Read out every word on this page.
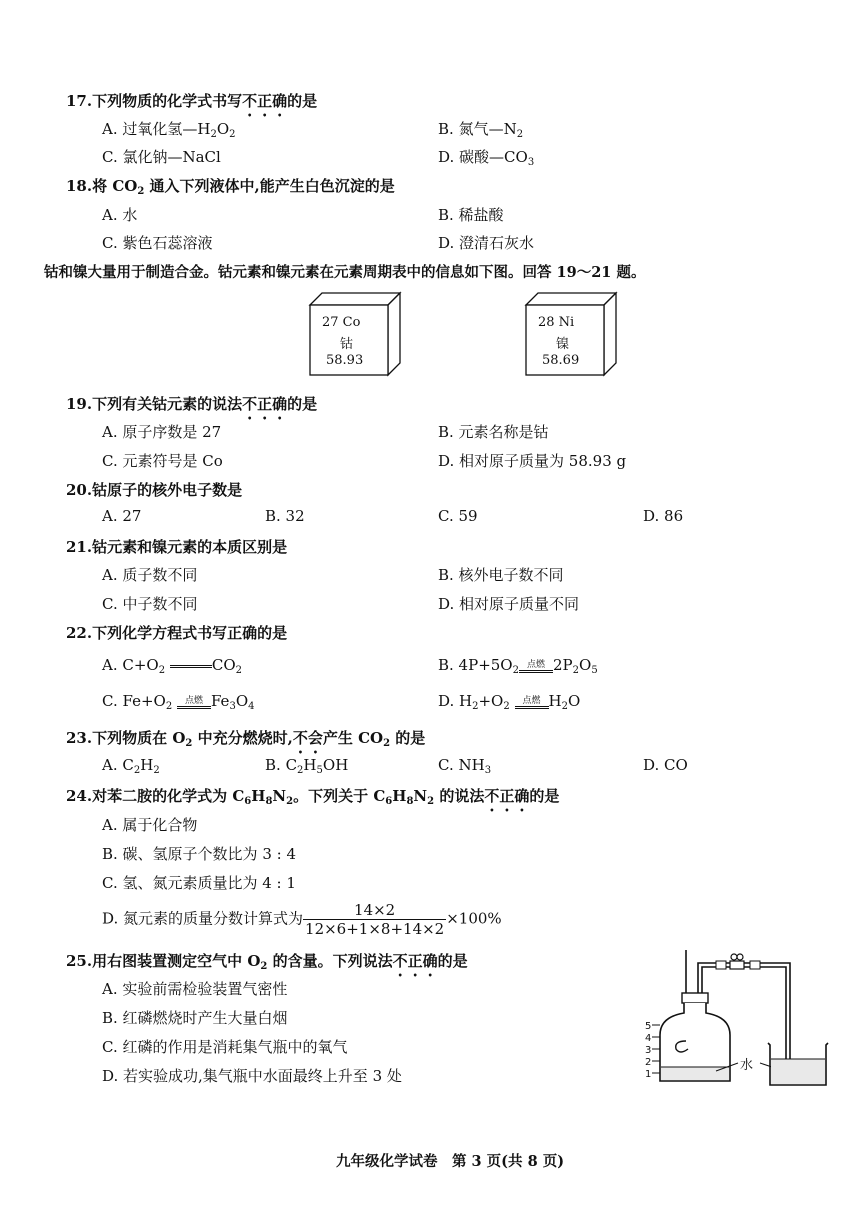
17.下列物质的化学式书写不正确的是
A. 过氧化氢$—H_2O_2$	B. 氮气$—N_2$
C. 氯化钠—NaCl	D. 碳酸$—CO_3$
18.将 $CO_2$ 通入下列液体中,能产生白色沉淀的是
A. 水	B. 稀盐酸
C. 紫色石蕊溶液	D. 澄清石灰水
钴和镍大量用于制造合金。钴元素和镍元素在元素周期表中的信息如下图。回答 19～21 题。
27 Co
钴
58.93
28 Ni
镍
58.69
19.下列有关钴元素的说法不正确的是
A. 原子序数是 27	B. 元素名称是钴
C. 元素符号是 Co	D. 相对原子质量为 58.93 g
20.钴原子的核外电子数是
A. 27	B. 32	C. 59	D. 86
21.钴元素和镍元素的本质区别是
A. 质子数不同	B. 核外电子数不同
C. 中子数不同	D. 相对原子质量不同
22.下列化学方程式书写正确的是
A. $C+O_2$	$CO_2$	B. $4P+5O_2$
点燃 $2P_2O_5$
C. $Fe+O_2$
点燃 $Fe_3O_4$	D. $H_2+O_2$
点燃 $H_2O$
23.下列物质在 $O_2$ 中充分燃烧时,不会产生 $CO_2$ 的是
A. $C_2H_2$	B. $C_2H_5OH$	C. $NH_3$	D. CO
24.对苯二胺的化学式为 $C_6H_8N_2$。下列关于 $C_6H_8N_2$ 的说法不正确的是
A. 属于化合物
B. 碳、氢原子个数比为 3 : 4
C. 氢、氮元素质量比为 4 : 1
D. 氮元素的质量分数计算式为 $\frac{14\times 2}{12\times 6+1\times 8+14\times 2} \times 100\%$
25.用右图装置测定空气中 $O_2$ 的含量。下列说法不正确的是
A. 实验前需检验装置气密性
B. 红磷燃烧时产生大量白烟
C. 红磷的作用是消耗集气瓶中的氧气
D. 若实验成功,集气瓶中水面最终上升至 3 处
5
4
3
2
1
水
九年级化学试卷　第 3 页(共 8 页)
